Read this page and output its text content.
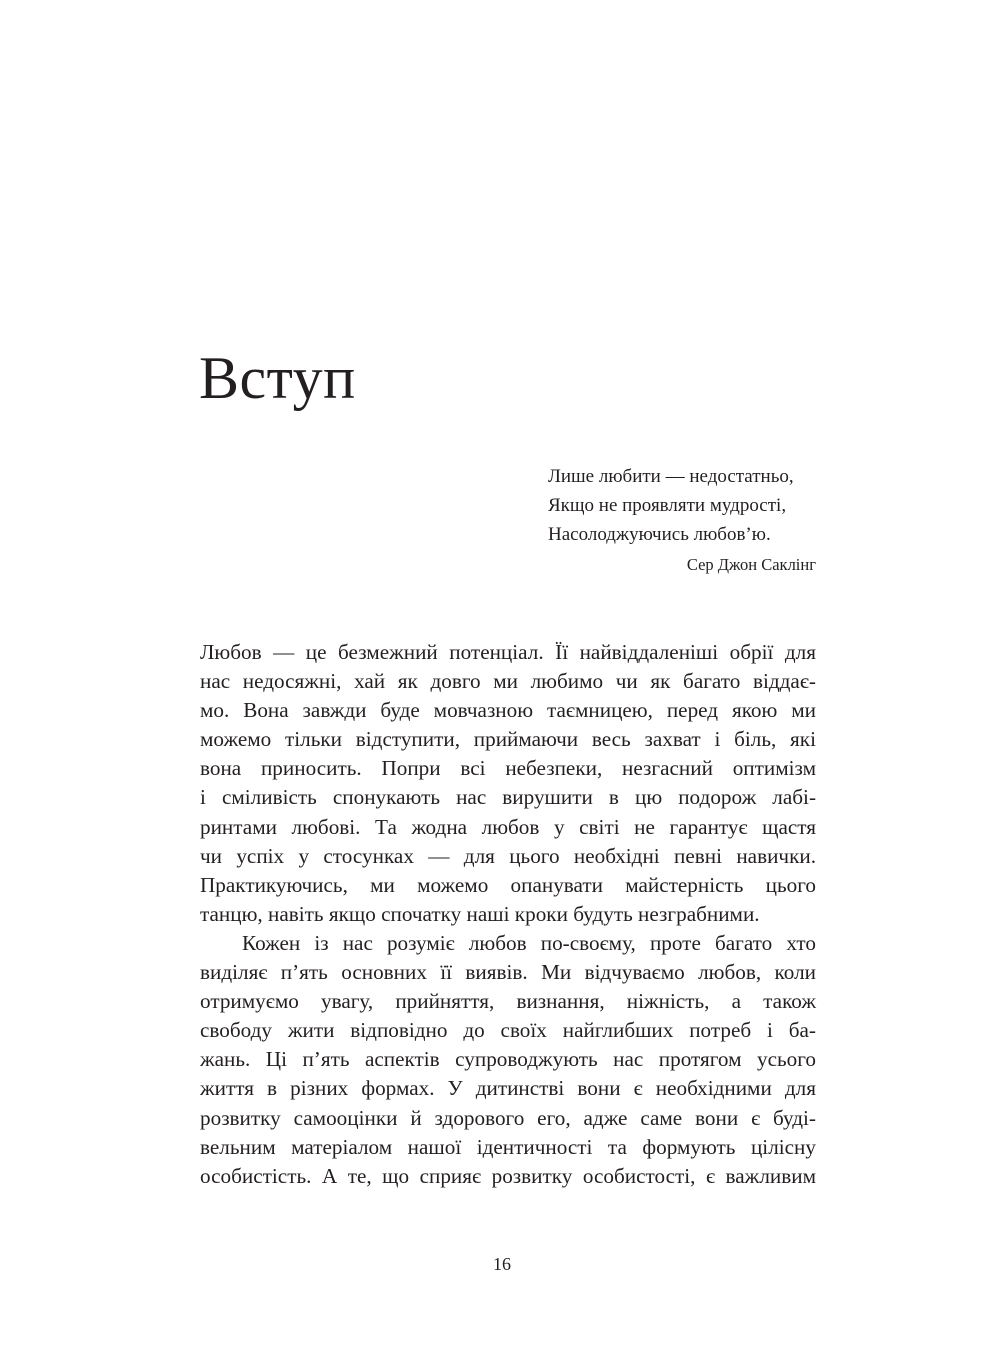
Вступ
Лише любити — недостатньо,
Якщо не проявляти мудрості,
Насолоджуючись любов’ю.
Сер Джон Саклінг
Любов — це безмежний потенціал. Її найвіддаленіші обрії для
нас недосяжні, хай як довго ми любимо чи як багато віддає-
мо. Вона завжди буде мовчазною таємницею, перед якою ми
можемо тільки відступити, приймаючи весь захват і біль, які
вона приносить. Попри всі небезпеки, незгасний оптимізм
і сміливість спонукають нас вирушити в цю подорож лабі-
ринтами любові. Та жодна любов у світі не гарантує щастя
чи успіх у стосунках — для цього необхідні певні навички.
Практикуючись, ми можемо опанувати майстерність цього
танцю, навіть якщо спочатку наші кроки будуть незграбними.
Кожен із нас розуміє любов по-своєму, проте багато хто
виділяє п’ять основних її виявів. Ми відчуваємо любов, коли
отримуємо увагу, прийняття, визнання, ніжність, а також
свободу жити відповідно до своїх найглибших потреб і ба-
жань. Ці п’ять аспектів супроводжують нас протягом усього
життя в різних формах. У дитинстві вони є необхідними для
розвитку самооцінки й здорового его, адже саме вони є буді-
вельним матеріалом нашої ідентичності та формують цілісну
особистість. А те, що сприяє розвитку особистості, є важливим
16
